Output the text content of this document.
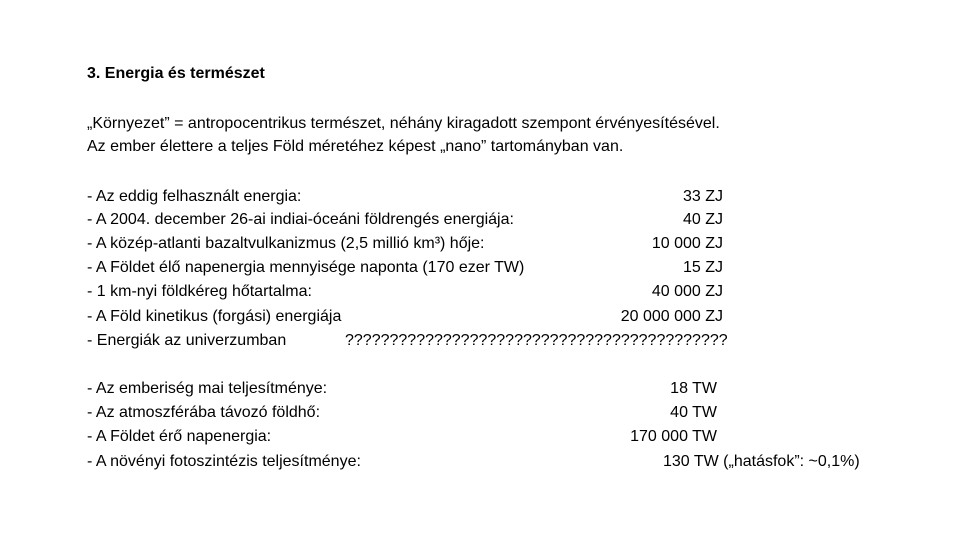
3. Energia és természet
„Környezet” = antropocentrikus természet, néhány kiragadott szempont érvényesítésével.
Az ember élettere a teljes Föld méretéhez képest „nano” tartományban van.
- Az eddig felhasznált energia:	33 ZJ
- A 2004. december 26-ai indiai-óceáni földrengés energiája:	40 ZJ
- A közép-atlanti bazaltvulkanizmus (2,5 millió km³) hője:	10 000 ZJ
- A Földet élő napenergia mennyisége naponta (170 ezer TW)	15 ZJ
- 1 km-nyi földkéreg hőtartalma:	40 000 ZJ
- A Föld kinetikus (forgási) energiája	20 000 000 ZJ
- Energiák az univerzumban	???????????????????????????????????????????
- Az emberiség mai teljesítménye:	18 TW
- Az atmoszférába távozó földhő:	40 TW
- A Földet érő napenergia:	170 000 TW
- A növényi fotoszintézis teljesítménye:	130 TW („hatásfok”: ~0,1%)
